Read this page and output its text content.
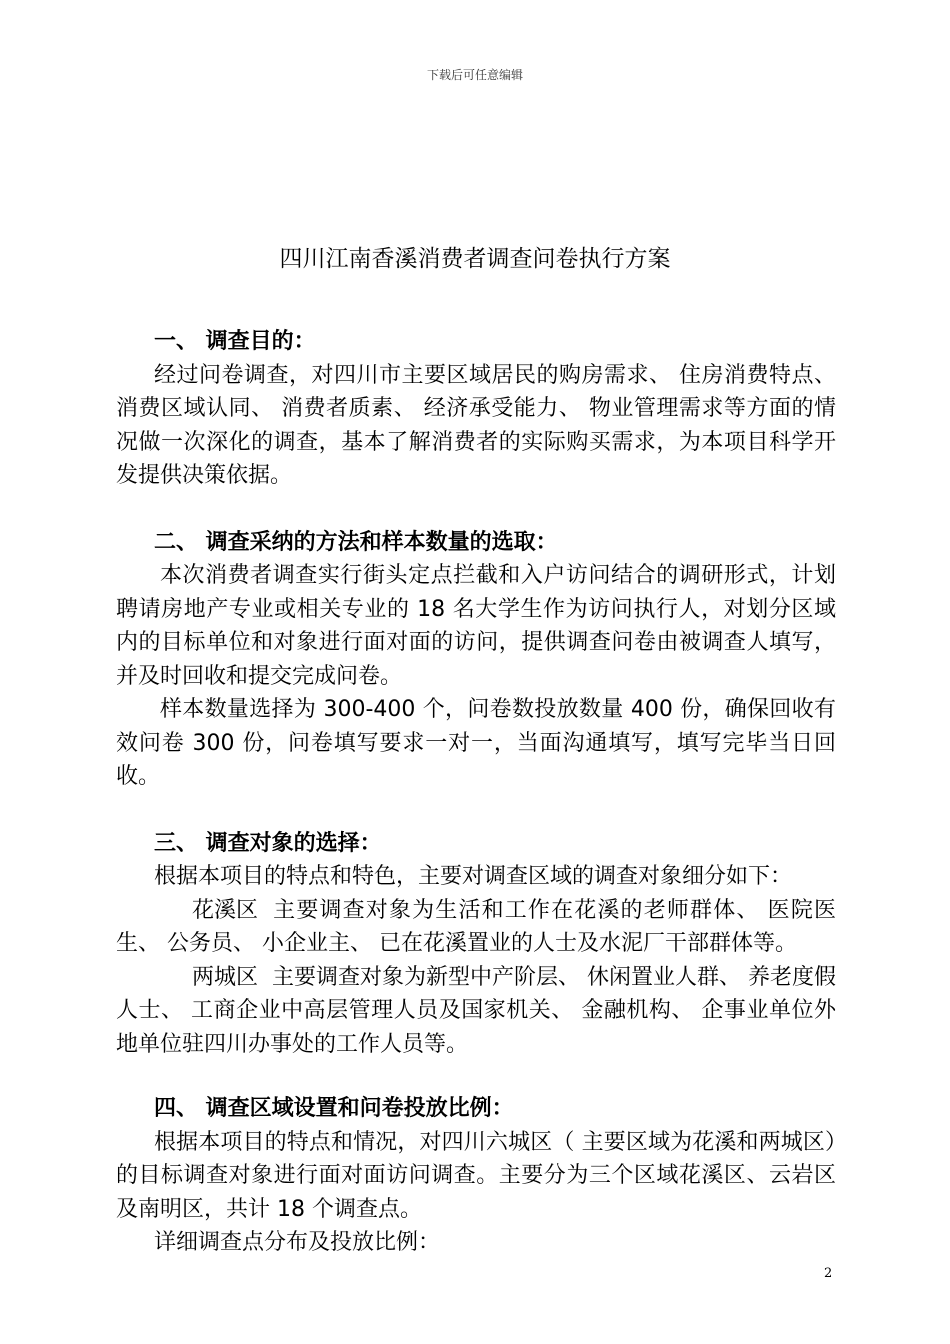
下载后可任意编辑
四川江南香溪消费者调查问卷执行方案

一、 调查目的：

经过问卷调查，对四川市主要区域居民的购房需求、 住房消费特点、 消费区域认同、 消费者质素、 经济承受能力、 物业管理需求等方面的情况做一次深化的调查，基本了解消费者的实际购买需求，为本项目科学开发提供决策依据。

二、 调查采纳的方法和样本数量的选取：

本次消费者调查实行街头定点拦截和入户访问结合的调研形式，计划聘请房地产专业或相关专业的 18 名大学生作为访问执行人，对划分区域内的目标单位和对象进行面对面的访问，提供调查问卷由被调查人填写，并及时回收和提交完成问卷。

样本数量选择为 300-400 个，问卷数投放数量 400 份，确保回收有效问卷 300 份，问卷填写要求一对一，当面沟通填写，填写完毕当日回收。

三、 调查对象的选择：

根据本项目的特点和特色，主要对调查区域的调查对象细分如下：

花溪区 主要调查对象为生活和工作在花溪的老师群体、 医院医生、 公务员、 小企业主、 已在花溪置业的人士及水泥厂干部群体等。

两城区 主要调查对象为新型中产阶层、 休闲置业人群、 养老度假人士、 工商企业中高层管理人员及国家机关、 金融机构、 企事业单位外地单位驻四川办事处的工作人员等。

四、 调查区域设置和问卷投放比例：

根据本项目的特点和情况，对四川六城区（ 主要区域为花溪和两城区）的目标调查对象进行面对面访问调查。主要分为三个区域花溪区、云岩区及南明区，共计 18 个调查点。

详细调查点分布及投放比例：

2
